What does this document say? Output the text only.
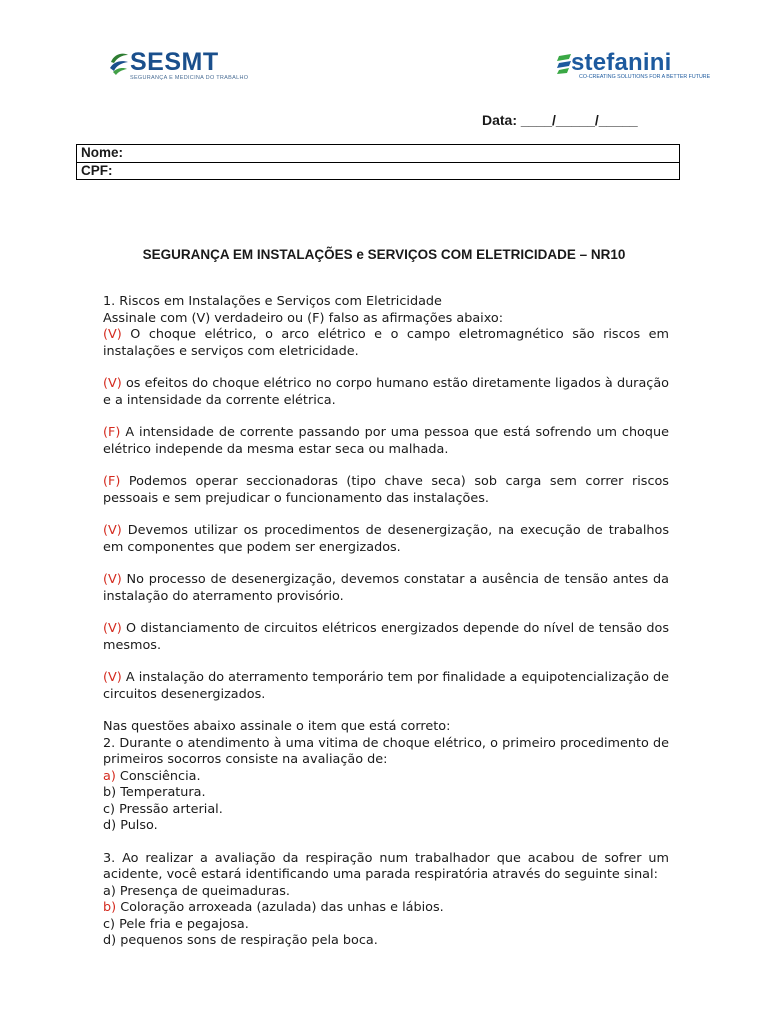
SESMT
SEGURANÇA E MEDICINA DO TRABALHO
stefanini
CO-CREATING SOLUTIONS FOR A BETTER FUTURE
Data: ____/_____/_____
Nome:
CPF:
SEGURANÇA EM INSTALAÇÕES e SERVIÇOS COM ELETRICIDADE – NR10
1. Riscos em Instalações e Serviços com Eletricidade
Assinale com (V) verdadeiro ou (F) falso as afirmações abaixo:
(V) O choque elétrico, o arco elétrico e o campo eletromagnético são riscos em instalações e serviços com eletricidade.
(V) os efeitos do choque elétrico no corpo humano estão diretamente ligados à duração e a intensidade da corrente elétrica.
(F) A intensidade de corrente passando por uma pessoa que está sofrendo um choque elétrico independe da mesma estar seca ou malhada.
(F) Podemos operar seccionadoras (tipo chave seca) sob carga sem correr riscos pessoais e sem prejudicar o funcionamento das instalações.
(V) Devemos utilizar os procedimentos de desenergização, na execução de trabalhos em componentes que podem ser energizados.
(V) No processo de desenergização, devemos constatar a ausência de tensão antes da instalação do aterramento provisório.
(V) O distanciamento de circuitos elétricos energizados depende do nível de tensão dos mesmos.
(V) A instalação do aterramento temporário tem por finalidade a equipotencialização de circuitos desenergizados.
Nas questões abaixo assinale o item que está correto:
2. Durante o atendimento à uma vitima de choque elétrico, o primeiro procedimento de primeiros socorros consiste na avaliação de:
a) Consciência.
b) Temperatura.
c) Pressão arterial.
d) Pulso.
3. Ao realizar a avaliação da respiração num trabalhador que acabou de sofrer um acidente, você estará identificando uma parada respiratória através do seguinte sinal:
a) Presença de queimaduras.
b) Coloração arroxeada (azulada) das unhas e lábios.
c) Pele fria e pegajosa.
d) pequenos sons de respiração pela boca.
